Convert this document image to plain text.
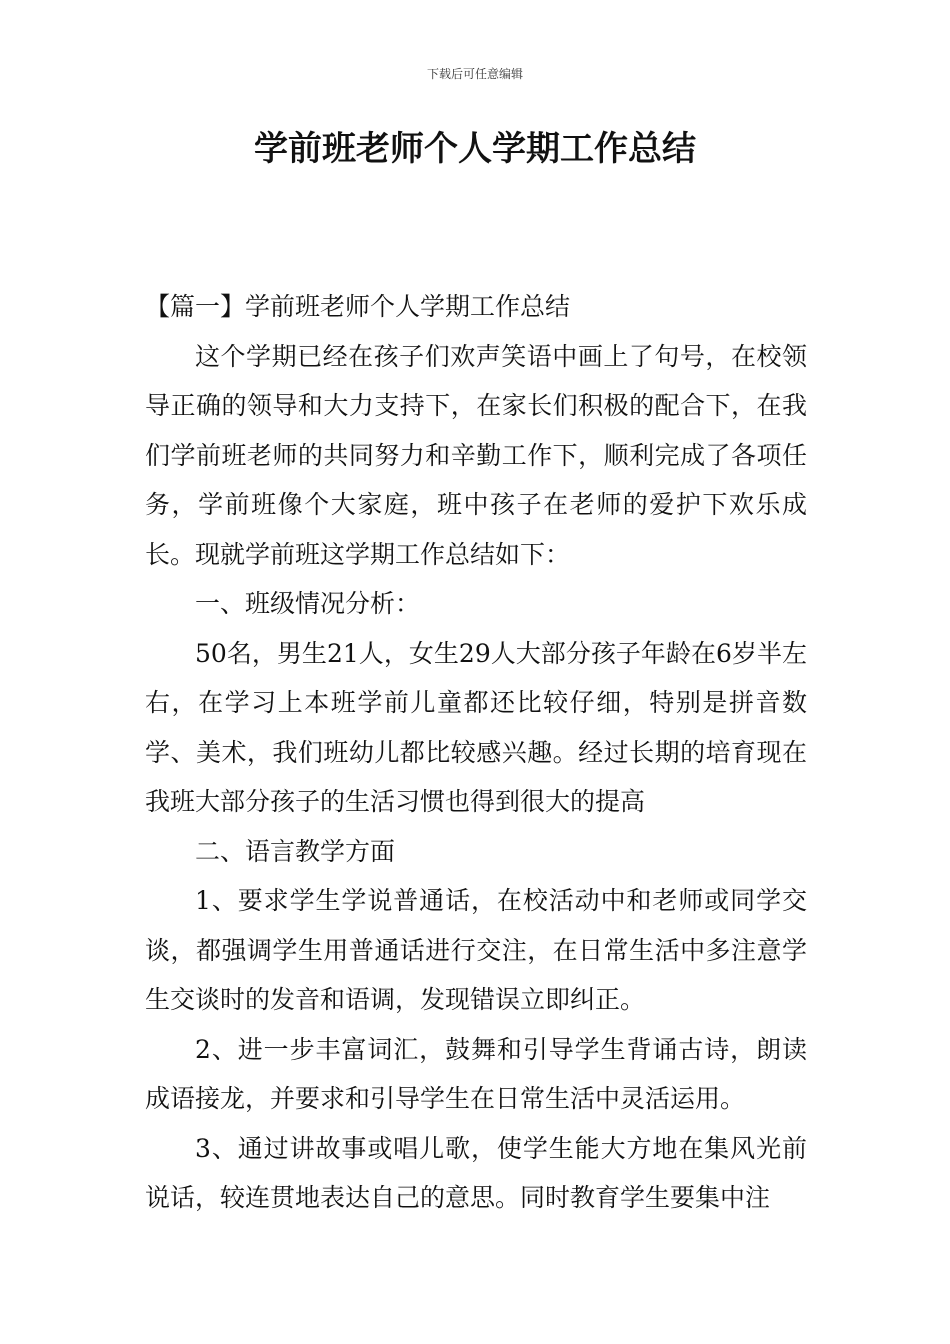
下载后可任意编辑
学前班老师个人学期工作总结

【篇一】学前班老师个人学期工作总结

这个学期已经在孩子们欢声笑语中画上了句号，在校领导正确的领导和大力支持下，在家长们积极的配合下，在我们学前班老师的共同努力和辛勤工作下，顺利完成了各项任务，学前班像个大家庭，班中孩子在老师的爱护下欢乐成长。现就学前班这学期工作总结如下：

一、班级情况分析：

50名，男生21人，女生29人大部分孩子年龄在6岁半左右，在学习上本班学前儿童都还比较仔细，特别是拼音数学、美术，我们班幼儿都比较感兴趣。经过长期的培育现在我班大部分孩子的生活习惯也得到很大的提高

二、语言教学方面

1、要求学生学说普通话，在校活动中和老师或同学交谈，都强调学生用普通话进行交注，在日常生活中多注意学生交谈时的发音和语调，发现错误立即纠正。

2、进一步丰富词汇，鼓舞和引导学生背诵古诗，朗读成语接龙，并要求和引导学生在日常生活中灵活运用。

3、通过讲故事或唱儿歌，使学生能大方地在集风光前说话，较连贯地表达自己的意思。同时教育学生要集中注
